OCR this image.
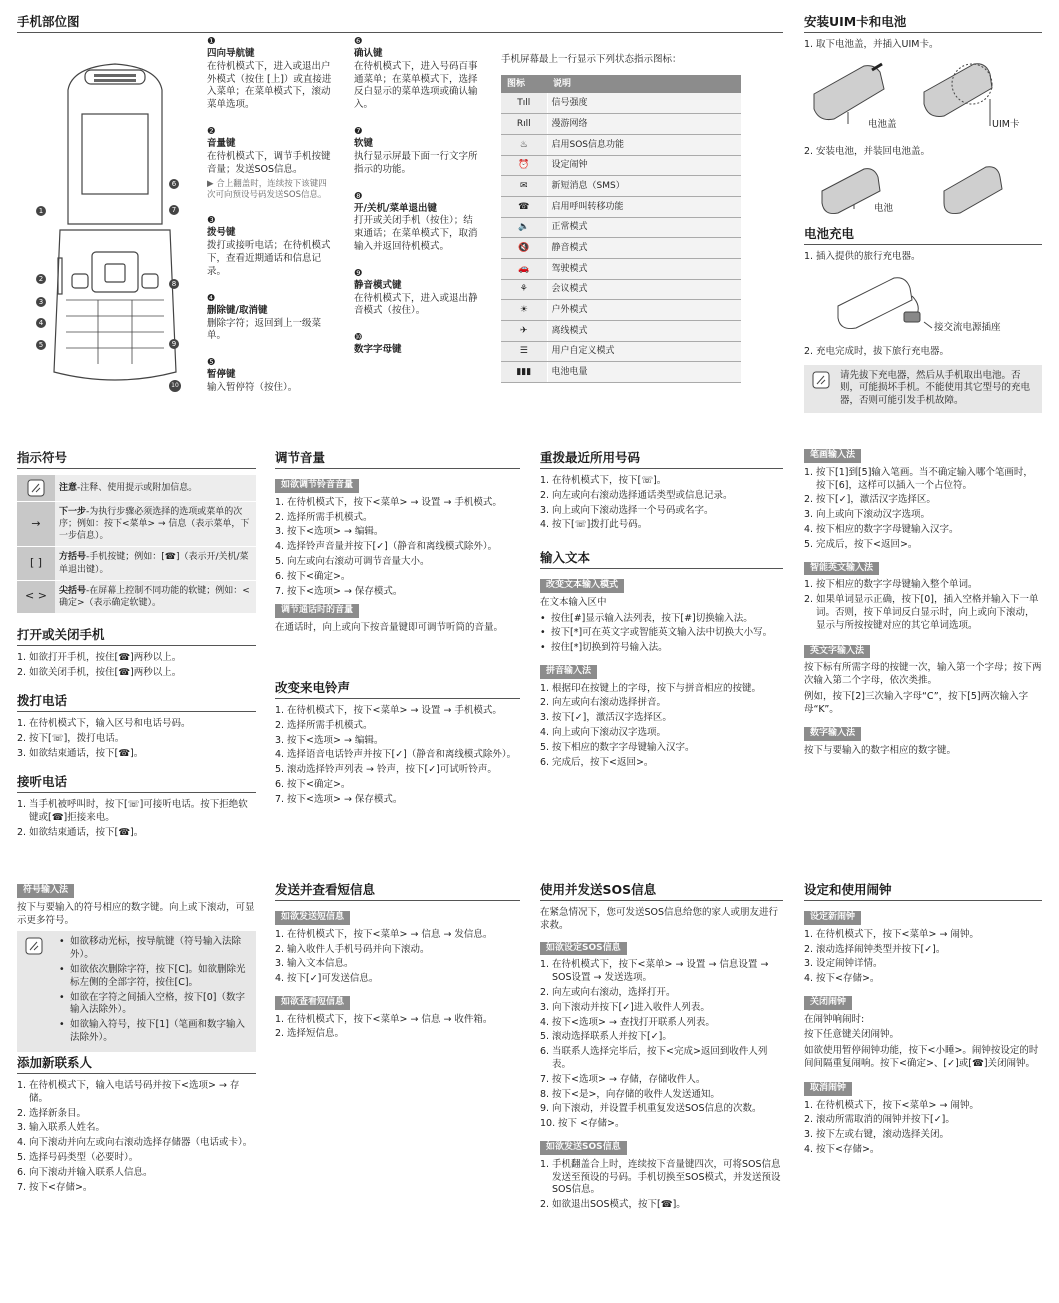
手机部位图
1
2
3
4
5
6
7
8
9
10
❶
四向导航键
在待机模式下，进入或退出户外模式（按住 [上]）或直接进入菜单；在菜单模式下，滚动菜单选项。
❷
音量键
在待机模式下，调节手机按键音量；发送SOS信息。
▶ 合上翻盖时，连续按下该键四次可向预设号码发送SOS信息。
❸
拨号键
拨打或接听电话；在待机模式下，查看近期通话和信息记录。
❹
删除键/取消键
删除字符；返回到上一级菜单。
❺
暂停键
输入暂停符（按住）。
❻
确认键
在待机模式下，进入号码百事通菜单；在菜单模式下，选择反白显示的菜单选项或确认输入。
❼
软键
执行显示屏最下面一行文字所指示的功能。
❽
开/关机/菜单退出键
打开或关闭手机（按住）；结束通话；在菜单模式下，取消输入并返回待机模式。
❾
静音模式键
在待机模式下，进入或退出静音模式（按住）。
❿
数字字母键

手机屏幕最上一行显示下列状态指示图标：

图标	说明
Tıll	信号强度
Rıll	漫游网络
♨	启用SOS信息功能
⏰	设定闹钟
✉	新短消息（SMS）
☎	启用呼叫转移功能
🔈	正常模式
🔇	静音模式
🚗	驾驶模式
⚘	会议模式
☀	户外模式
✈	离线模式
☰	用户自定义模式
▮▮▮	电池电量
安装UIM卡和电池
1. 取下电池盖，并插入UIM卡。
电池盖	UIM卡
2. 安装电池，并装回电池盖。
电池
电池充电
1. 插入提供的旅行充电器。
接交流电源插座
2. 充电完成时，拔下旅行充电器。
请先拔下充电器，然后从手机取出电池。否则，可能损坏手机。不能使用其它型号的充电器，否则可能引发手机故障。
指示符号
	注意-注释、使用提示或附加信息。
→	下一步-为执行步骤必须选择的选项或菜单的次序；例如：按下<菜单> → 信息（表示菜单，下一步信息）。
[ ]	方括号-手机按键；例如：[☎]（表示开/关机/菜单退出键）。
< >	尖括号-在屏幕上控制不同功能的软键；例如：<确定>（表示确定软键）。
打开或关闭手机
1. 如欲打开手机，按住[☎]两秒以上。
2. 如欲关闭手机，按住[☎]两秒以上。
拨打电话
1. 在待机模式下，输入区号和电话号码。
2. 按下[☏]，拨打电话。
3. 如欲结束通话，按下[☎]。
接听电话
1. 当手机被呼叫时，按下[☏]可接听电话。按下拒绝软键或[☎]拒接来电。
2. 如欲结束通话，按下[☎]。
调节音量
如欲调节铃音音量
1. 在待机模式下，按下<菜单> → 设置 → 手机模式。
2. 选择所需手机模式。
3. 按下<选项> → 编辑。
4. 选择铃声音量并按下[✓]（静音和离线模式除外）。
5. 向左或向右滚动可调节音量大小。
6. 按下<确定>。
7. 按下<选项> → 保存模式。
调节通话时的音量

在通话时，向上或向下按音量键即可调节听筒的音量。

改变来电铃声
1. 在待机模式下，按下<菜单> → 设置 → 手机模式。
2. 选择所需手机模式。
3. 按下<选项> → 编辑。
4. 选择语音电话铃声并按下[✓]（静音和离线模式除外）。
5. 滚动选择铃声列表 → 铃声，按下[✓]可试听铃声。
6. 按下<确定>。
7. 按下<选项> → 保存模式。
重拨最近所用号码
1. 在待机模式下，按下[☏]。
2. 向左或向右滚动选择通话类型或信息记录。
3. 向上或向下滚动选择一个号码或名字。
4. 按下[☏]拨打此号码。
输入文本
改变文本输入模式

在文本输入区中

• 按住[#]显示输入法列表，按下[#]切换输入法。
• 按下[*]可在英文字或智能英文输入法中切换大小写。
• 按住[*]切换到符号输入法。
拼音输入法
1. 根据印在按键上的字母，按下与拼音相应的按键。
2. 向左或向右滚动选择拼音。
3. 按下[✓]，激活汉字选择区。
4. 向上或向下滚动汉字选项。
5. 按下相应的数字字母键输入汉字。
6. 完成后，按下<返回>。
笔画输入法
1. 按下[1]到[5]输入笔画。当不确定输入哪个笔画时，按下[6]，这样可以插入一个占位符。
2. 按下[✓]，激活汉字选择区。
3. 向上或向下滚动汉字选项。
4. 按下相应的数字字母键输入汉字。
5. 完成后，按下<返回>。
智能英文输入法
1. 按下相应的数字字母键输入整个单词。
2. 如果单词显示正确，按下[0]，插入空格并输入下一单词。否则，按下单词反白显示时，向上或向下滚动，显示与所按按键对应的其它单词选项。
英文字输入法

按下标有所需字母的按键一次，输入第一个字母；按下两次输入第二个字母，依次类推。

例如，按下[2]三次输入字母“C”，按下[5]两次输入字母“K”。

数字输入法

按下与要输入的数字相应的数字键。

符号输入法

按下与要输入的符号相应的数字键。向上或下滚动，可显示更多符号。

• 如欲移动光标，按导航键（符号输入法除外）。
• 如欲依次删除字符，按下[C]。如欲删除光标左侧的全部字符，按住[C]。
• 如欲在字符之间插入空格，按下[0]（数字输入法除外）。
• 如欲输入符号，按下[1]（笔画和数字输入法除外）。
添加新联系人
1. 在待机模式下，输入电话号码并按下<选项> → 存储。
2. 选择新条目。
3. 输入联系人姓名。
4. 向下滚动并向左或向右滚动选择存储器（电话或卡）。
5. 选择号码类型（必要时）。
6. 向下滚动并输入联系人信息。
7. 按下<存储>。
发送并查看短信息
如欲发送短信息
1. 在待机模式下，按下<菜单> → 信息 → 发信息。
2. 输入收件人手机号码并向下滚动。
3. 输入文本信息。
4. 按下[✓]可发送信息。
如欲查看短信息
1. 在待机模式下，按下<菜单> → 信息 → 收件箱。
2. 选择短信息。
使用并发送SOS信息

在紧急情况下，您可发送SOS信息给您的家人或朋友进行求救。

如欲设定SOS信息
1. 在待机模式下，按下<菜单> → 设置 → 信息设置 → SOS设置 → 发送选项。
2. 向左或向右滚动，选择打开。
3. 向下滚动并按下[✓]进入收件人列表。
4. 按下<选项> → 查找打开联系人列表。
5. 滚动选择联系人并按下[✓]。
6. 当联系人选择完毕后，按下<完成>返回到收件人列表。
7. 按下<选项> → 存储，存储收件人。
8. 按下<是>，向存储的收件人发送通知。
9. 向下滚动，并设置手机重复发送SOS信息的次数。
10. 按下 <存储>。
如欲发送SOS信息
1. 手机翻盖合上时，连续按下音量键四次，可将SOS信息发送至预设的号码。手机切换至SOS模式，并发送预设SOS信息。
2. 如欲退出SOS模式，按下[☎]。
设定和使用闹钟
设定新闹钟
1. 在待机模式下，按下<菜单> → 闹钟。
2. 滚动选择闹钟类型并按下[✓]。
3. 设定闹钟详情。
4. 按下<存储>。
关闭闹钟

在闹钟响闹时:

按下任意键关闭闹钟。

如欲使用暂停闹钟功能，按下<小睡>。闹钟按设定的时间间隔重复闹响。按下<确定>、[✓]或[☎]关闭闹钟。

取消闹钟
1. 在待机模式下，按下<菜单> → 闹钟。
2. 滚动所需取消的闹钟并按下[✓]。
3. 按下左或右键，滚动选择关闭。
4. 按下<存储>。
